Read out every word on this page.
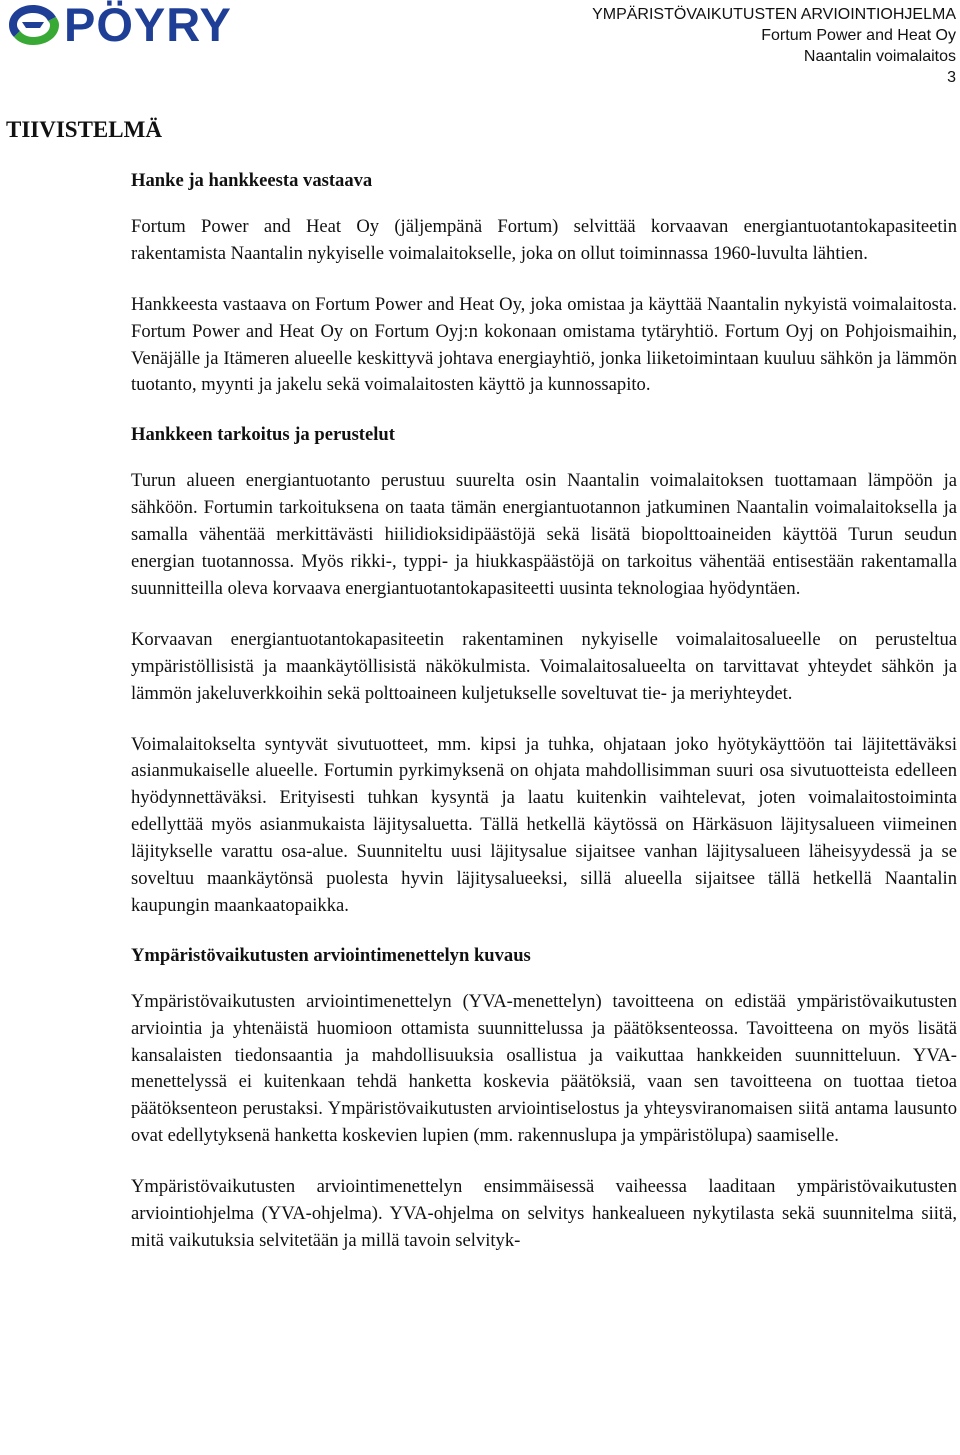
PÖYRY	YMPÄRISTÖVAIKUTUSTEN ARVIOINTIOHJELMA
Fortum Power and Heat Oy
Naantalin voimalaitos
3
TIIVISTELMÄ
Hanke ja hankkeesta vastaava

Fortum Power and Heat Oy (jäljempänä Fortum) selvittää korvaavan energiantuotantokapasiteetin rakentamista Naantalin nykyiselle voimalaitokselle, joka on ollut toiminnassa 1960-luvulta lähtien.

Hankkeesta vastaava on Fortum Power and Heat Oy, joka omistaa ja käyttää Naantalin nykyistä voimalaitosta. Fortum Power and Heat Oy on Fortum Oyj:n kokonaan omistama tytäryhtiö. Fortum Oyj on Pohjoismaihin, Venäjälle ja Itämeren alueelle keskittyvä johtava energiayhtiö, jonka liiketoimintaan kuuluu sähkön ja lämmön tuotanto, myynti ja jakelu sekä voimalaitosten käyttö ja kunnossapito.

Hankkeen tarkoitus ja perustelut

Turun alueen energiantuotanto perustuu suurelta osin Naantalin voimalaitoksen tuottamaan lämpöön ja sähköön. Fortumin tarkoituksena on taata tämän energiantuotannon jatkuminen Naantalin voimalaitoksella ja samalla vähentää merkittävästi hiilidioksidipäästöjä sekä lisätä biopolttoaineiden käyttöä Turun seudun energian tuotannossa. Myös rikki-, typpi- ja hiukkaspäästöjä on tarkoitus vähentää entisestään rakentamalla suunnitteilla oleva korvaava energiantuotantokapasiteetti uusinta teknologiaa hyödyntäen.

Korvaavan energiantuotantokapasiteetin rakentaminen nykyiselle voimalaitosalueelle on perusteltua ympäristöllisistä ja maankäytöllisistä näkökulmista. Voimalaitosalueelta on tarvittavat yhteydet sähkön ja lämmön jakeluverkkoihin sekä polttoaineen kuljetukselle soveltuvat tie- ja meriyhteydet.

Voimalaitokselta syntyvät sivutuotteet, mm. kipsi ja tuhka, ohjataan joko hyötykäyttöön tai läjitettäväksi asianmukaiselle alueelle. Fortumin pyrkimyksenä on ohjata mahdollisimman suuri osa sivutuotteista edelleen hyödynnettäväksi. Erityisesti tuhkan kysyntä ja laatu kuitenkin vaihtelevat, joten voimalaitostoiminta edellyttää myös asianmukaista läjitysaluetta. Tällä hetkellä käytössä on Härkäsuon läjitysalueen viimeinen läjitykselle varattu osa-alue. Suunniteltu uusi läjitysalue sijaitsee vanhan läjitysalueen läheisyydessä ja se soveltuu maankäytönsä puolesta hyvin läjitysalueeksi, sillä alueella sijaitsee tällä hetkellä Naantalin kaupungin maankaatopaikka.

Ympäristövaikutusten arviointimenettelyn kuvaus

Ympäristövaikutusten arviointimenettelyn (YVA-menettelyn) tavoitteena on edistää ympäristövaikutusten arviointia ja yhtenäistä huomioon ottamista suunnittelussa ja päätöksenteossa. Tavoitteena on myös lisätä kansalaisten tiedonsaantia ja mahdollisuuksia osallistua ja vaikuttaa hankkeiden suunnitteluun. YVA-menettelyssä ei kuitenkaan tehdä hanketta koskevia päätöksiä, vaan sen tavoitteena on tuottaa tietoa päätöksenteon perustaksi. Ympäristövaikutusten arviointiselostus ja yhteysviranomaisen siitä antama lausunto ovat edellytyksenä hanketta koskevien lupien (mm. rakennuslupa ja ympäristölupa) saamiselle.

Ympäristövaikutusten arviointimenettelyn ensimmäisessä vaiheessa laaditaan ympäristövaikutusten arviointiohjelma (YVA-ohjelma). YVA-ohjelma on selvitys hankealueen nykytilasta sekä suunnitelma siitä, mitä vaikutuksia selvitetään ja millä tavoin selvityk-
